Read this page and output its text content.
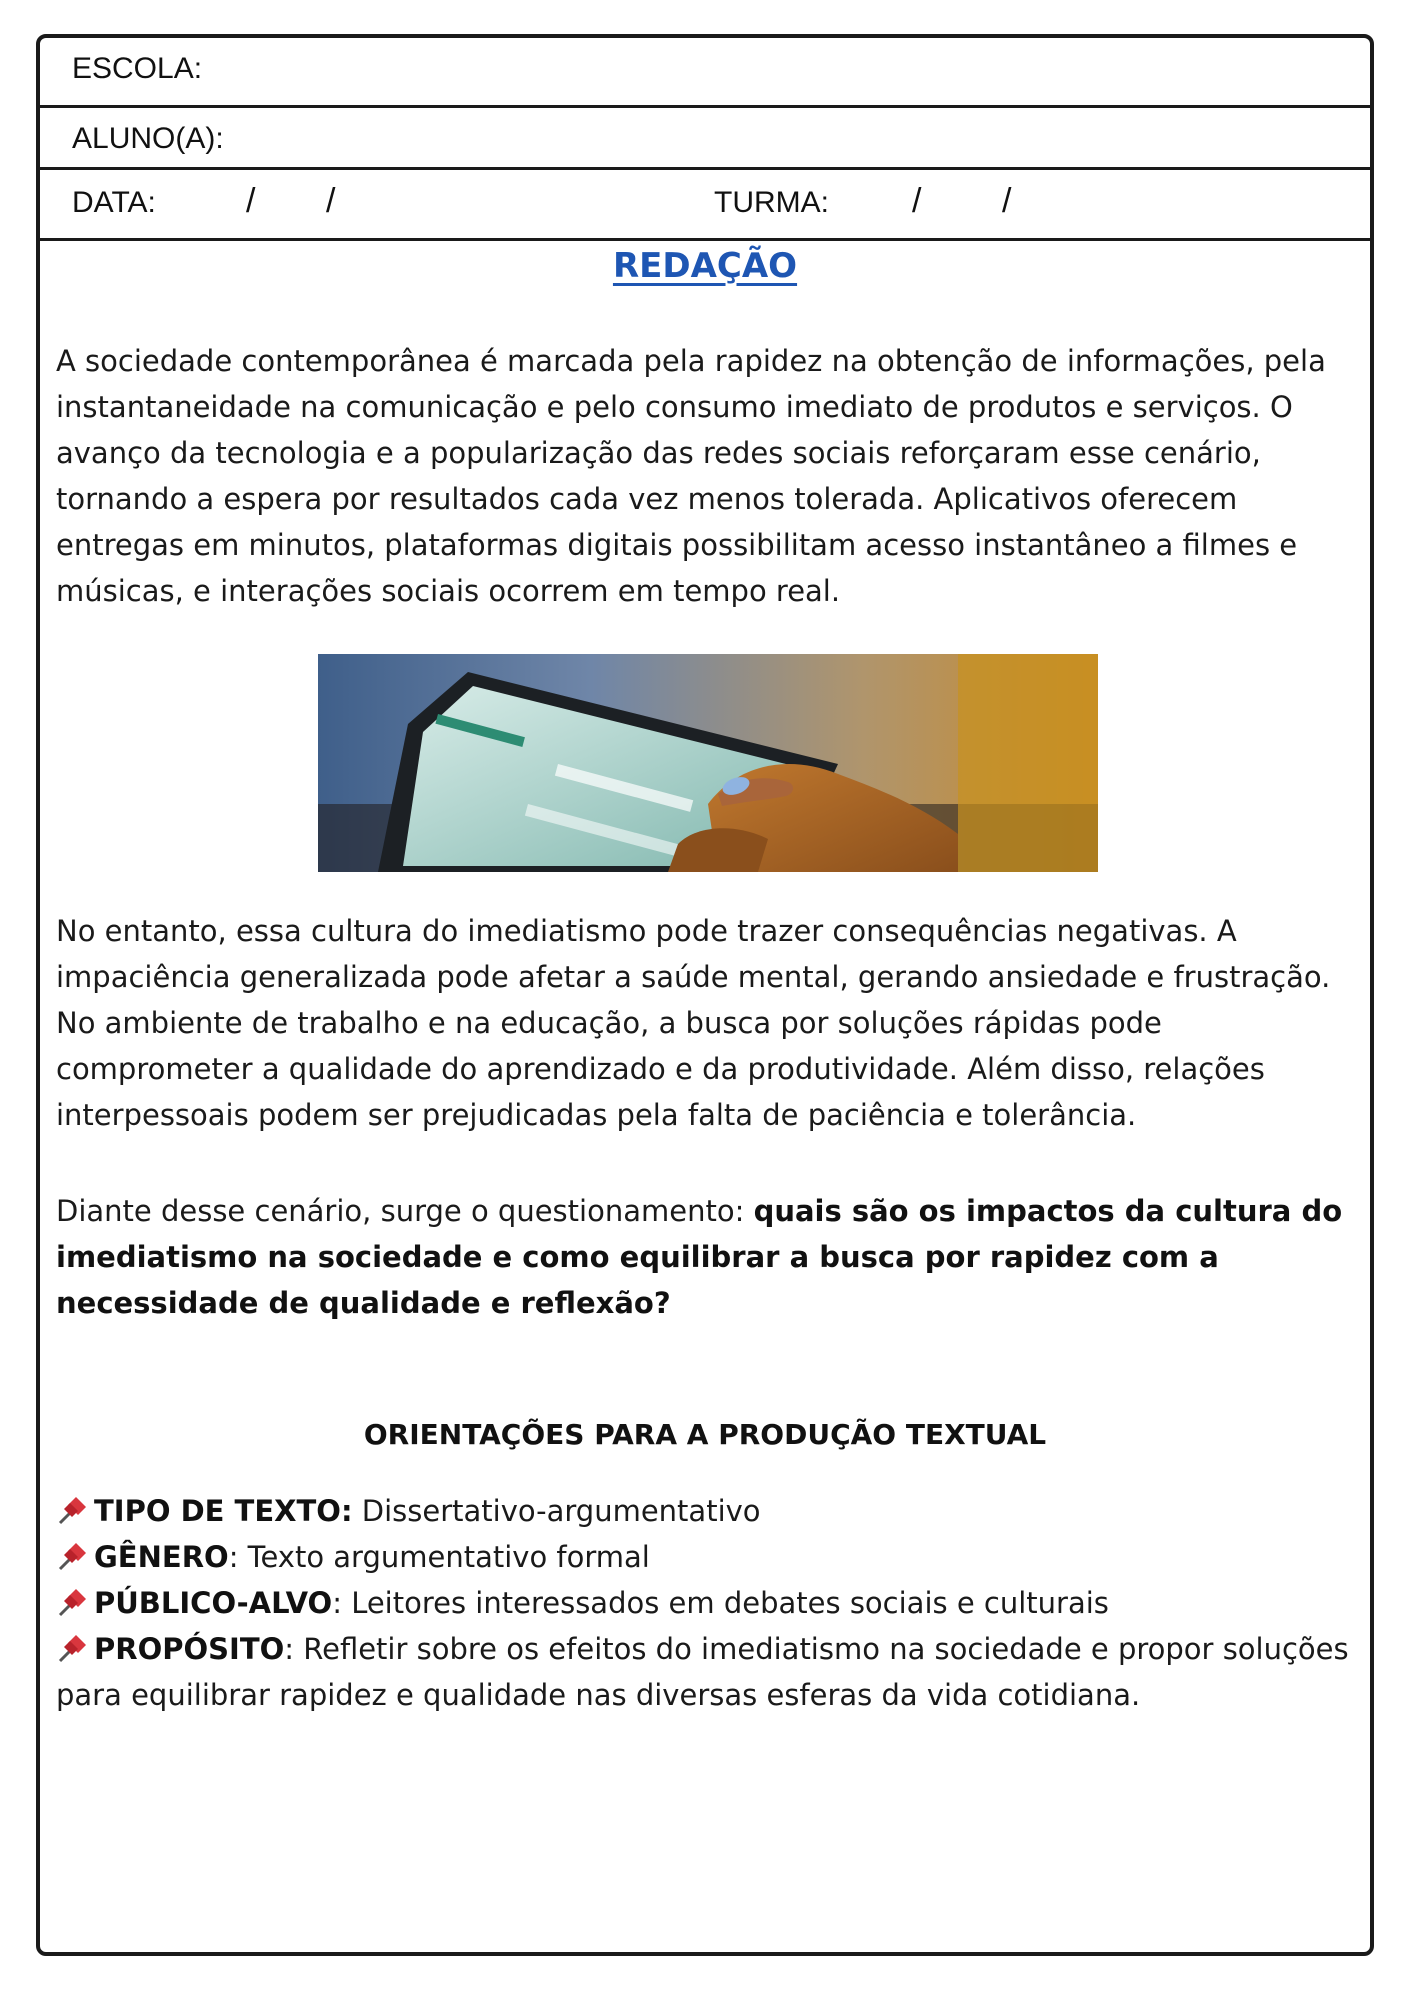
ESCOLA:
ALUNO(A):
DATA:	/ /	TURMA: / /
REDAÇÃO

A sociedade contemporânea é marcada pela rapidez na obtenção de informações, pela instantaneidade na comunicação e pelo consumo imediato de produtos e serviços. O avanço da tecnologia e a popularização das redes sociais reforçaram esse cenário, tornando a espera por resultados cada vez menos tolerada. Aplicativos oferecem entregas em minutos, plataformas digitais possibilitam acesso instantâneo a filmes e músicas, e interações sociais ocorrem em tempo real.

No entanto, essa cultura do imediatismo pode trazer consequências negativas. A impaciência generalizada pode afetar a saúde mental, gerando ansiedade e frustração. No ambiente de trabalho e na educação, a busca por soluções rápidas pode comprometer a qualidade do aprendizado e da produtividade. Além disso, relações interpessoais podem ser prejudicadas pela falta de paciência e tolerância.

Diante desse cenário, surge o questionamento: quais são os impactos da cultura do imediatismo na sociedade e como equilibrar a busca por rapidez com a necessidade de qualidade e reflexão?

ORIENTAÇÕES PARA A PRODUÇÃO TEXTUAL
TIPO DE TEXTO: Dissertativo-argumentativo
GÊNERO: Texto argumentativo formal
PÚBLICO-ALVO: Leitores interessados em debates sociais e culturais
PROPÓSITO: Refletir sobre os efeitos do imediatismo na sociedade e propor soluções para equilibrar rapidez e qualidade nas diversas esferas da vida cotidiana.
